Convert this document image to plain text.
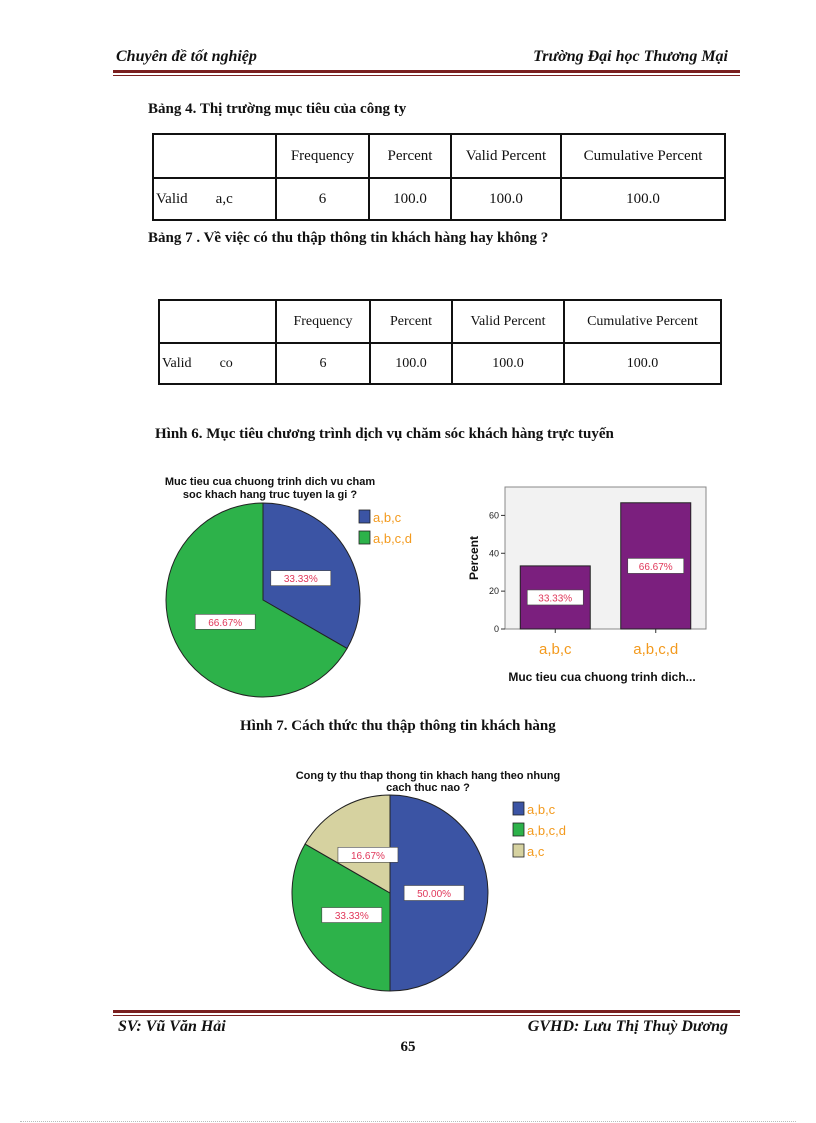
Chuyên đề tốt nghiệp	Trường Đại học Thương Mại
Bảng 4. Thị trường mục tiêu của công ty
	Frequency	Percent	Valid Percent	Cumulative Percent
Valid a,c	6	100.0	100.0	100.0
Bảng 7 . Về việc có thu thập thông tin khách hàng hay không ?
	Frequency	Percent	Valid Percent	Cumulative Percent
Valid co	6	100.0	100.0	100.0
Hình 6. Mục tiêu chương trình dịch vụ chăm sóc khách hàng trực tuyến
Muc tieu cua chuong trinh dich vu cham
soc khach hang truc tuyen la gi ?
33.33%
66.67%
a,b,c
a,b,c,d
0
20
40
60
a,b,c	a,b,c,d
33.33%
66.67%
Percent
Muc tieu cua chuong trinh dich...
Hình 7. Cách thức thu thập thông tin khách hàng
Cong ty thu thap thong tin khach hang theo nhung
cach thuc nao ?
50.00%
33.33%
16.67%
a,b,c
a,b,c,d
a,c
SV: Vũ Văn Hải	GVHD: Lưu Thị Thuỳ Dương
65
